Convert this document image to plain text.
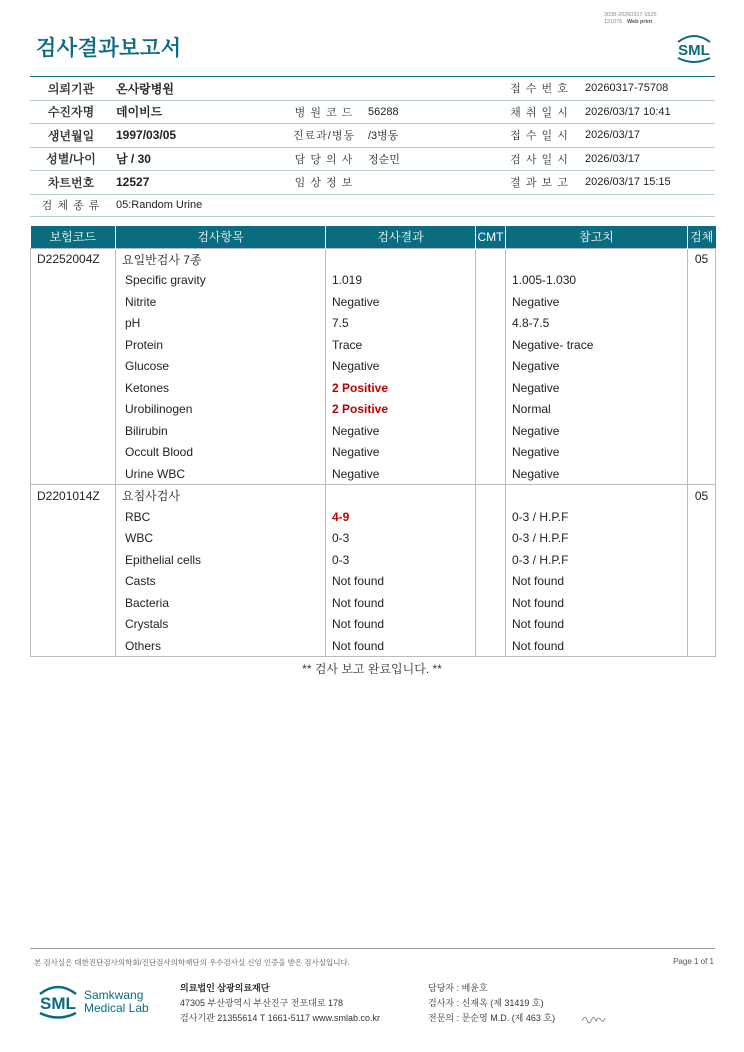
3038-20260317-1525
121076 Web print
검사결과보고서	SML
의뢰기관	온사랑병원			접 수 번 호	20260317-75708
수진자명	데이비드	병 원 코 드	56288	채 취 일 시	2026/03/17 10:41
생년월일	1997/03/05	진료과/병동	/3병동	접 수 일 시	2026/03/17
성별/나이	남 / 30	담 당 의 사	정순민	검 사 일 시	2026/03/17
차트번호	12527	임 상 정 보		결 과 보 고	2026/03/17 15:15
검 체 종 류	05:Random Urine				
보험코드	검사항목	검사결과	CMT	참고치	검체
D2252004Z	요일반검사 7종				05
	Specific gravity	1.019		1.005-1.030	
	Nitrite	Negative		Negative	
	pH	7.5		4.8-7.5	
	Protein	Trace		Negative- trace	
	Glucose	Negative		Negative	
	Ketones	2 Positive		Negative	
	Urobilinogen	2 Positive		Normal	
	Bilirubin	Negative		Negative	
	Occult Blood	Negative		Negative	
	Urine WBC	Negative		Negative	
D2201014Z	요침사검사				05
	RBC	4-9		0-3 / H.P.F	
	WBC	0-3		0-3 / H.P.F	
	Epithelial cells	0-3		0-3 / H.P.F	
	Casts	Not found		Not found	
	Bacteria	Not found		Not found	
	Crystals	Not found		Not found	
	Others	Not found		Not found	
** 검사 보고 완료입니다. **
본 검사실은 대한진단검사의학회/진단검사의학재단의 우수검사실 신임 인증을 받은 검사실입니다.	Page 1 of 1
SML Samkwang
Medical Lab
의료법인 삼광의료재단
47305 부산광역시 부산진구 전포대로 178
검사기관 21355614 T 1661-5117 www.smlab.co.kr
담당자 : 배윤호
검사자 : 신재옥 (제 31419 호)
전문의 : 문순영 M.D. (제 463 호)
